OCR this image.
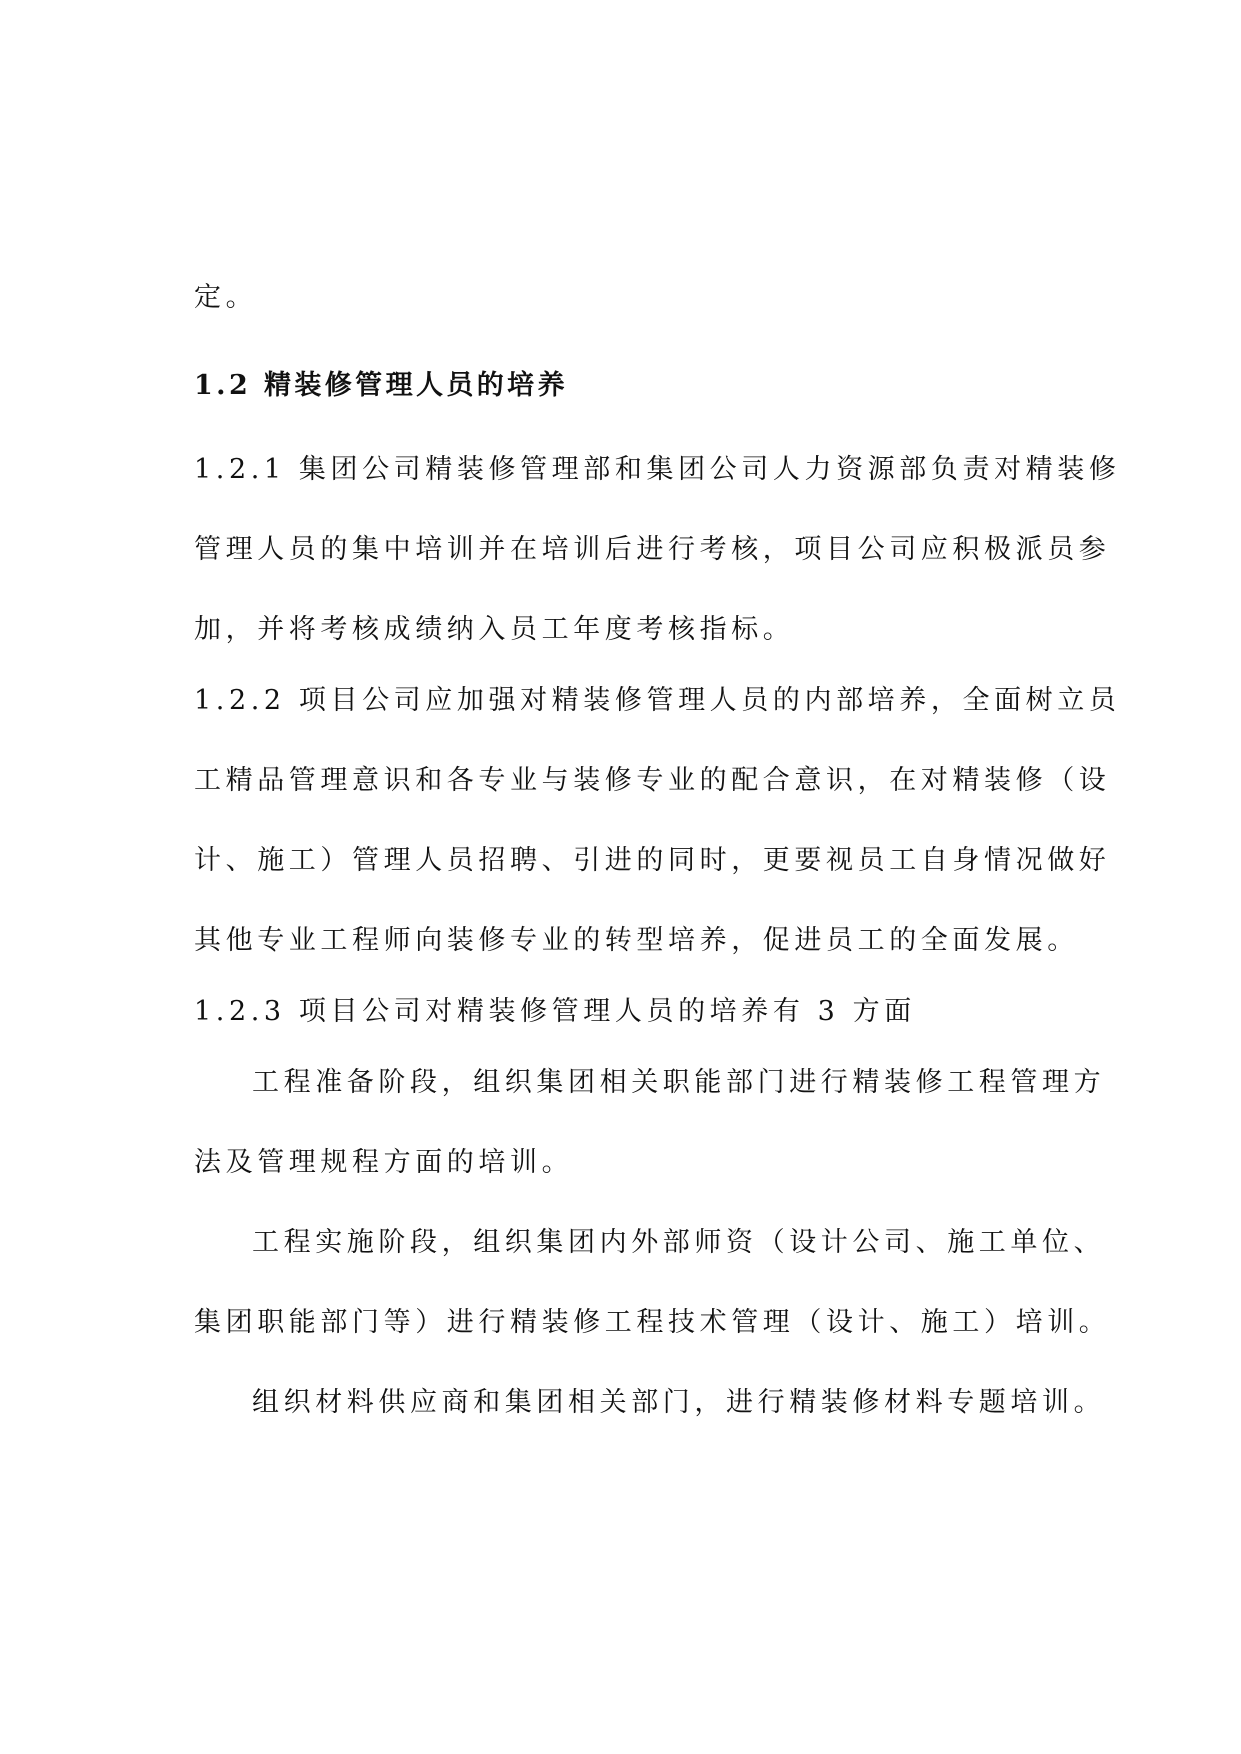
定。
1.2 精装修管理人员的培养
1.2.1 集团公司精装修管理部和集团公司人力资源部负责对精装修
管理人员的集中培训并在培训后进行考核，项目公司应积极派员参
加，并将考核成绩纳入员工年度考核指标。
1.2.2 项目公司应加强对精装修管理人员的内部培养，全面树立员
工精品管理意识和各专业与装修专业的配合意识，在对精装修（设
计、施工）管理人员招聘、引进的同时，更要视员工自身情况做好
其他专业工程师向装修专业的转型培养，促进员工的全面发展。
1.2.3 项目公司对精装修管理人员的培养有 3 方面
工程准备阶段，组织集团相关职能部门进行精装修工程管理方
法及管理规程方面的培训。
工程实施阶段，组织集团内外部师资（设计公司、施工单位、
集团职能部门等）进行精装修工程技术管理（设计、施工）培训。
组织材料供应商和集团相关部门，进行精装修材料专题培训。
